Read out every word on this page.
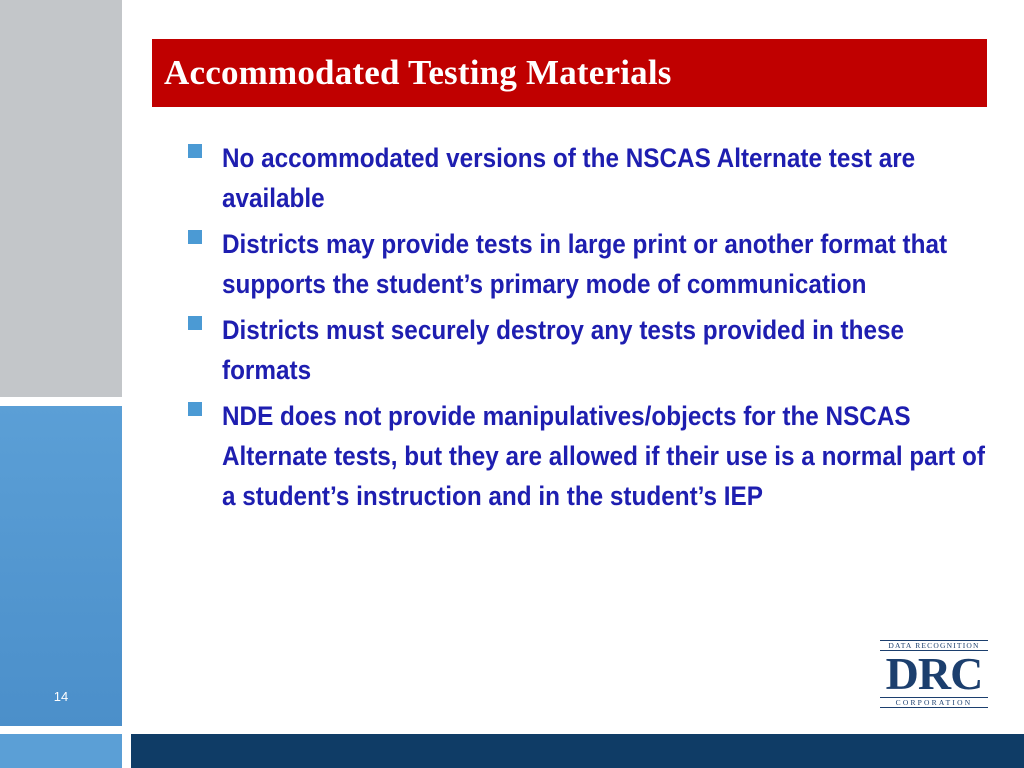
14
Accommodated Testing Materials
No accommodated versions of the NSCAS Alternate test are available
Districts may provide tests in large print or another format that supports the student’s primary mode of communication
Districts must securely destroy any tests provided in these formats
NDE does not provide manipulatives/objects for the NSCAS Alternate tests, but they are allowed if their use is a normal part of a student’s instruction and in the student’s IEP
DATA RECOGNITION
DRC
CORPORATION
